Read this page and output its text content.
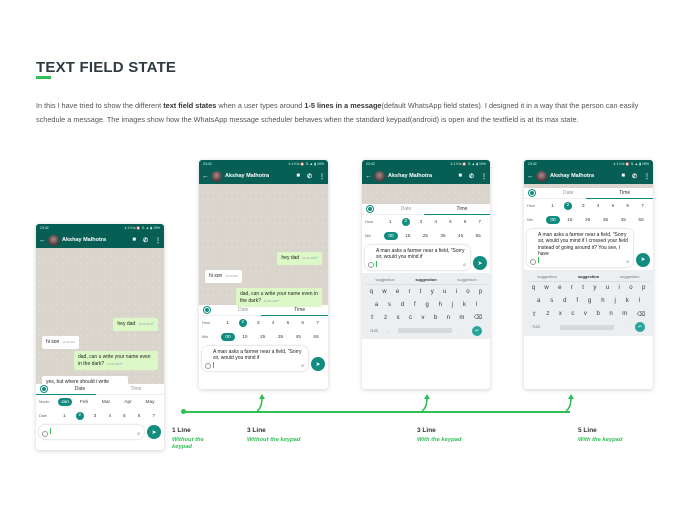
TEXT FIELD STATE

In this I have tried to show the different text field states when a user types around 1-5 lines in a message(default WhatsApp field states). I designed it in a way that the person can easily schedule a message. The images show how the WhatsApp message scheduler behaves when the standard keypad(android) is open and the textfield is at its max state.

23:42	4.1 K/s ⏰ ⇅ ▲ ▮ 19%
←	Akshay Malhotra	■ ✆ ⋮
hey dad 11:22 AM✔
hi son 11:23 AM
dad, can u write your name even in the dark? 11:24 AM✔
yes, but where should i write
Date	Time
Month	Jan	Feb	Mar	Apr	May
Date	1	2	3	4	5	6	7
⌀	➤
23:42	4.1 K/s ⏰ ⇅ ▲ ▮ 19%
←	Akshay Malhotra	■ ✆ ⋮
hey dad 11:22 AM✔
hi son 11:23 AM
dad, can u write your name even in the dark? 11:24 AM✔
Date	Time
Hour	1	2	3	4	5	6	7
Min	00	15	25	35	45	55
A man asks a farmer near a field, "Sorry sir, would you mind if
⌀	➤
23:42	4.1 K/s ⏰ ⇅ ▲ ▮ 19%
←	Akshay Malhotra	■ ✆ ⋮
Date	Time
Hour	1	2	3	4	5	6	7
Min	00	15	25	35	45	55
A man asks a farmer near a field, "Sorry sir, would you mind if
⌀	➤
suggestion	suggestion	suggestion
q w e r t y u i o p
a s d f g h j k l
⇧ z x c v b n m ⌫
?123	,	.	↵
23:42	4.1 K/s ⏰ ⇅ ▲ ▮ 19%
←	Akshay Malhotra	■ ✆ ⋮
Date	Time
Hour	1	2	3	4	5	6	7
Min	00	15	25	35	45	55
A man asks a farmer near a field, "Sorry sir, would you mind if I crossed your field instead of going around it? You see, I have
⌀	➤
suggestion	suggestion	suggestion
q w e r t y u i o p
a s d f g h j k l
⇧ z x c v b n m ⌫
?123	,	.	↵
1 Line
Without the keypad
3 Line
Without the keypad
3 Line
With the keypad
5 Line
With the keypad
